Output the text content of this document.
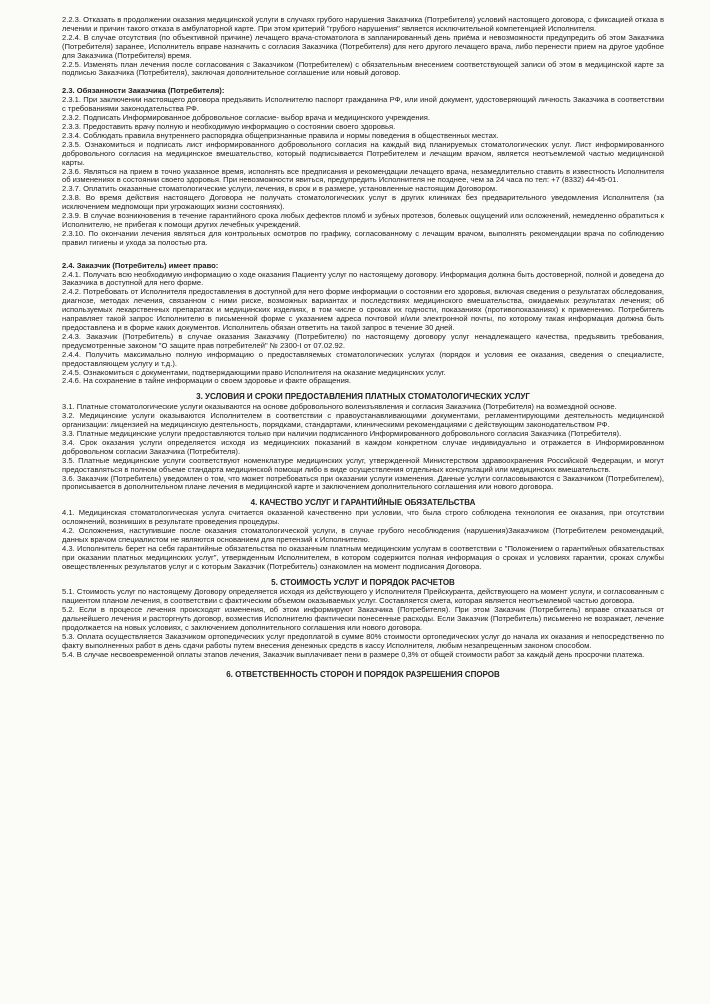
2.2.3. Отказать в продолжении оказания медицинской услуги в случаях грубого нарушения Заказчика (Потребителя) условий настоящего договора, с фиксацией отказа в лечении и причин такого отказа в амбулаторной карте. При этом критерий "грубого нарушения" является исключительной компетенцией Исполнителя.

2.2.4. В случае отсутствия (по объективной причине) лечащего врача-стоматолога в запланированный день приёма и невозможности предупредить об этом Заказчика (Потребителя) заранее, Исполнитель вправе назначить с согласия Заказчика (Потребителя) для него другого лечащего врача, либо перенести прием на другое удобное для Заказчика (Потребителя) время.

2.2.5. Изменять план лечения после согласования с Заказчиком (Потребителем) с обязательным внесением соответствующей записи об этом в медицинской карте за подписью Заказчика (Потребителя), заключая дополнительное соглашение или новый договор.

2.3. Обязанности Заказчика (Потребителя):

2.3.1. При заключении настоящего договора предъявить Исполнителю паспорт гражданина РФ, или иной документ, удостоверяющий личность Заказчика в соответствии с требованиями законодательства РФ.

2.3.2. Подписать Информированное добровольное согласие- выбор врача и медицинского учреждения.

2.3.3. Предоставить врачу полную и необходимую информацию о состоянии своего здоровья.

2.3.4. Соблюдать правила внутреннего распорядка общепризнанные правила и нормы поведения в общественных местах.

2.3.5. Ознакомиться и подписать лист информированного добровольного согласия на каждый вид планируемых стоматологических услуг. Лист информированного добровольного согласия на медицинское вмешательство, который подписывается Потребителем и лечащим врачом, является неотъемлемой частью медицинской карты.

2.3.6. Являться на прием в точно указанное время, исполнять все предписания и рекомендации лечащего врача, незамедлительно ставить в известность Исполнителя об изменениях в состоянии своего здоровья. При невозможности явиться, предупредить Исполнителя не позднее, чем за 24 часа по тел: +7 (8332) 44-45-01.

2.3.7. Оплатить оказанные стоматологические услуги, лечения, в срок и в размере, установленные настоящим Договором.

2.3.8. Во время действия настоящего Договора не получать стоматологических услуг в других клиниках без предварительного уведомления Исполнителя (за исключением медпомощи при угрожающих жизни состояниях).

2.3.9. В случае возникновения в течение гарантийного срока любых дефектов пломб и зубных протезов, болевых ощущений или осложнений, немедленно обратиться к Исполнителю, не прибегая к помощи других лечебных учреждений.

2.3.10. По окончании лечения являться для контрольных осмотров по графику, согласованному с лечащим врачом, выполнять рекомендации врача по соблюдению правил гигиены и ухода за полостью рта.

2.4. Заказчик (Потребитель) имеет право:

2.4.1. Получать всю необходимую информацию о ходе оказания Пациенту услуг по настоящему договору. Информация должна быть достоверной, полной и доведена до Заказчика в доступной для него форме.

2.4.2. Потребовать от Исполнителя предоставления в доступной для него форме информации о состоянии его здоровья, включая сведения о результатах обследования, диагнозе, методах лечения, связанном с ними риске, возможных вариантах и последствиях медицинского вмешательства, ожидаемых результатах лечения; об используемых лекарственных препаратах и медицинских изделиях, в том числе о сроках их годности, показаниях (противопоказаниях) к применению. Потребитель направляет такой запрос Исполнителю в письменной форме с указанием адреса почтовой и/или электронной почты, по которому такая информация должна быть предоставлена и в форме каких документов. Исполнитель обязан ответить на такой запрос в течение 30 дней.

2.4.3. Заказчик (Потребитель) в случае оказания Заказчику (Потребителю) по настоящему договору услуг ненадлежащего качества, предъявить требования, предусмотренные законом "О защите прав потребителей" № 2300-I от 07.02.92.

2.4.4. Получить максимально полную информацию о предоставляемых стоматологических услугах (порядок и условия ее оказания, сведения о специалисте, предоставляющем услугу и т.д.).

2.4.5. Ознакомиться с документами, подтверждающими право Исполнителя на оказание медицинских услуг.

2.4.6. На сохранение в тайне информации о своем здоровье и факте обращения.

3. УСЛОВИЯ И СРОКИ ПРЕДОСТАВЛЕНИЯ ПЛАТНЫХ СТОМАТОЛОГИЧЕСКИХ УСЛУГ

3.1. Платные стоматологические услуги оказываются на основе добровольного волеизъявления и согласия Заказчика (Потребителя) на возмездной основе.

3.2. Медицинские услуги оказываются Исполнителем в соответствии с правоустанавливающими документами, регламентирующими деятельность медицинской организации: лицензией на медицинскую деятельность, порядками, стандартами, клиническими рекомендациями с действующим законодательством РФ.

3.3. Платные медицинские услуги предоставляются только при наличии подписанного Информированного добровольного согласия Заказчика (Потребителя).

3.4. Срок оказания услуги определяется исходя из медицинских показаний в каждом конкретном случае индивидуально и отражается в Информированном добровольном согласии Заказчика (Потребителя).

3.5. Платные медицинские услуги соответствуют номенклатуре медицинских услуг, утвержденной Министерством здравоохранения Российской Федерации, и могут предоставляться в полном объеме стандарта медицинской помощи либо в виде осуществления отдельных консультаций или медицинских вмешательств.

3.6. Заказчик (Потребитель) уведомлен о том, что может потребоваться при оказании услуги изменения. Данные услуги согласовываются с Заказчиком (Потребителем), прописывается в дополнительном плане лечения в медицинской карте и заключением дополнительного соглашения или нового договора.

4. КАЧЕСТВО УСЛУГ И ГАРАНТИЙНЫЕ ОБЯЗАТЕЛЬСТВА

4.1. Медицинская стоматологическая услуга считается оказанной качественно при условии, что была строго соблюдена технология ее оказания, при отсутствии осложнений, возникших в результате проведения процедуры.

4.2. Осложнения, наступившие после оказания стоматологической услуги, в случае грубого несоблюдения (нарушения)Заказчиком (Потребителем рекомендаций, данных врачом специалистом не являются основанием для претензий к Исполнителю.

4.3. Исполнитель берет на себя гарантийные обязательства по оказанным платным медицинским услугам в соответствии с "Положением о гарантийных обязательствах при оказании платных медицинских услуг", утвержденным Исполнителем, в котором содержится полная информация о сроках и условиях гарантии, сроках службы овеществленных результатов услуг и с которым Заказчик (Потребитель) ознакомлен на момент подписания Договора.

5. СТОИМОСТЬ УСЛУГ И ПОРЯДОК РАСЧЕТОВ

5.1. Стоимость услуг по настоящему Договору определяется исходя из действующего у Исполнителя Прейскуранта, действующего на момент услуги, и согласованным с пациентом планом лечения, в соответствии с фактическим объемом оказываемых услуг. Составляется смета, которая является неотъемлемой частью договора.

5.2. Если в процессе лечения происходят изменения, об этом информируют Заказчика (Потребителя). При этом Заказчик (Потребитель) вправе отказаться от дальнейшего лечения и расторгнуть договор, возместив Исполнителю фактически понесенные расходы. Если Заказчик (Потребитель) письменно не возражает, лечение продолжается на новых условиях, с заключением дополнительного соглашения или нового договора.

5.3. Оплата осуществляется Заказчиком ортопедических услуг предоплатой в сумме 80% стоимости ортопедических услуг до начала их оказания и непосредственно по факту выполненных работ в день сдачи работы путем внесения денежных средств в кассу Исполнителя, любым незапрещенным законом способом.

5.4. В случае несвоевременной оплаты этапов лечения, Заказчик выплачивает пени в размере 0,3% от общей стоимости работ за каждый день просрочки платежа.

6. ОТВЕТСТВЕННОСТЬ СТОРОН И ПОРЯДОК РАЗРЕШЕНИЯ СПОРОВ
